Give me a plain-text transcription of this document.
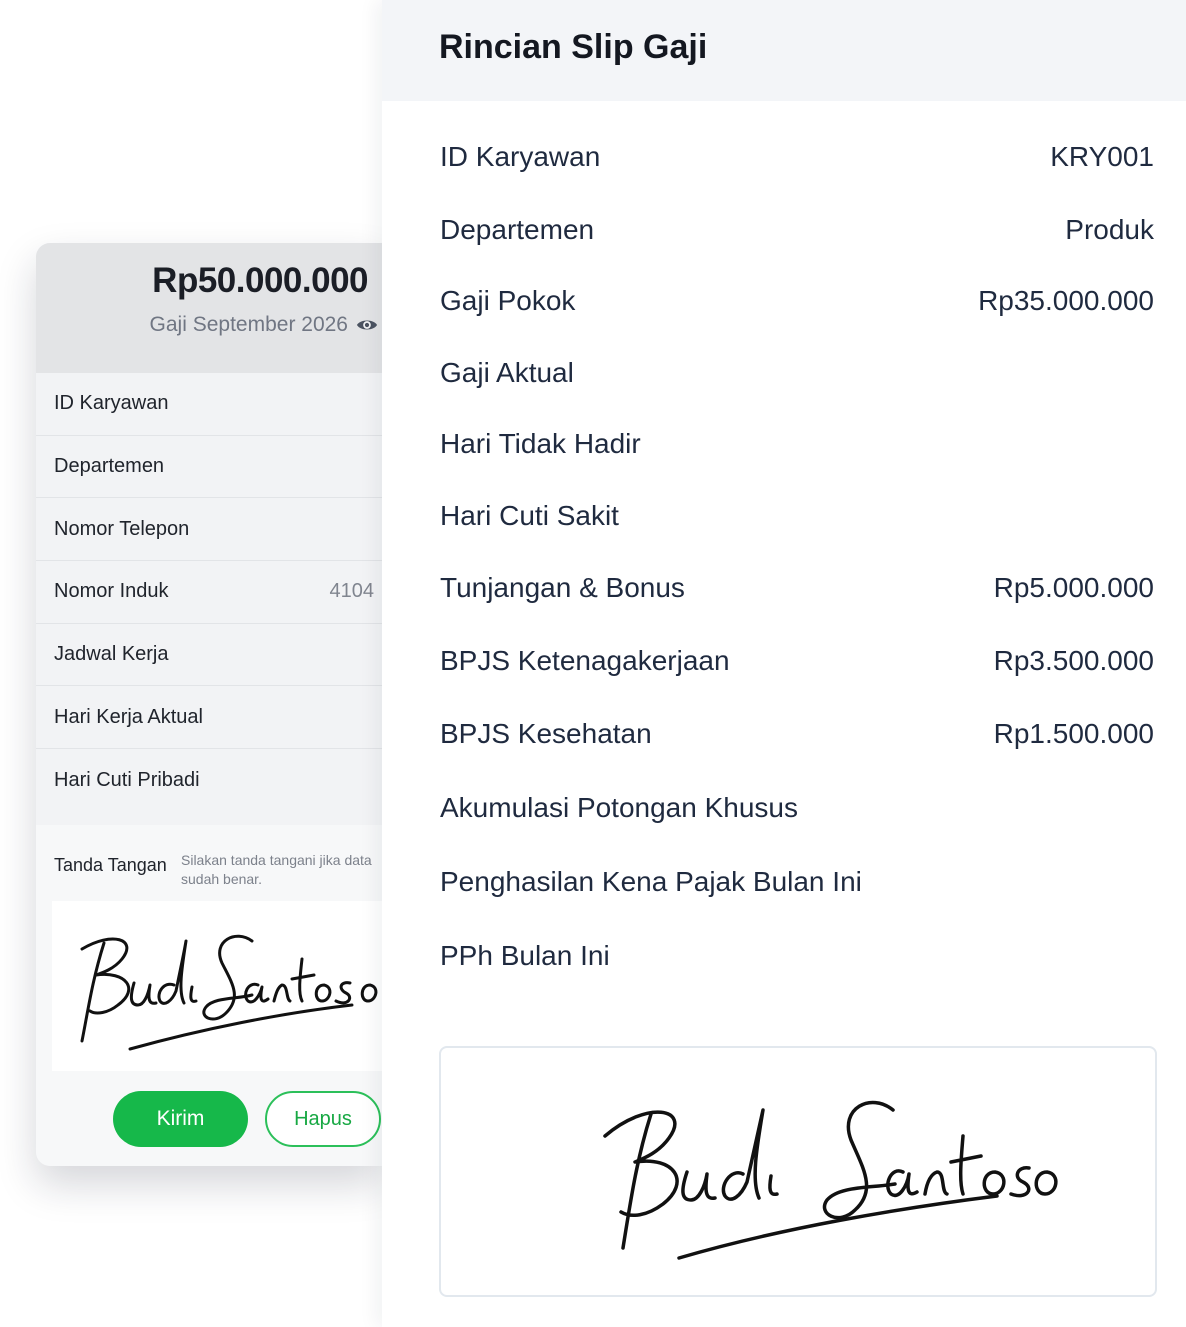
Rp50.000.000
Gaji September 2026
ID Karyawan
Departemen
Nomor Telepon
Nomor Induk	4104
Jadwal Kerja
Hari Kerja Aktual
Hari Cuti Pribadi
Tanda Tangan Silakan tanda tangani jika data sudah benar.
Kirim	Hapus
Rincian Slip Gaji
ID Karyawan	KRY001
Departemen	Produk
Gaji Pokok	Rp35.000.000
Gaji Aktual
Hari Tidak Hadir
Hari Cuti Sakit
Tunjangan & Bonus	Rp5.000.000
BPJS Ketenagakerjaan	Rp3.500.000
BPJS Kesehatan	Rp1.500.000
Akumulasi Potongan Khusus
Penghasilan Kena Pajak Bulan Ini
PPh Bulan Ini
